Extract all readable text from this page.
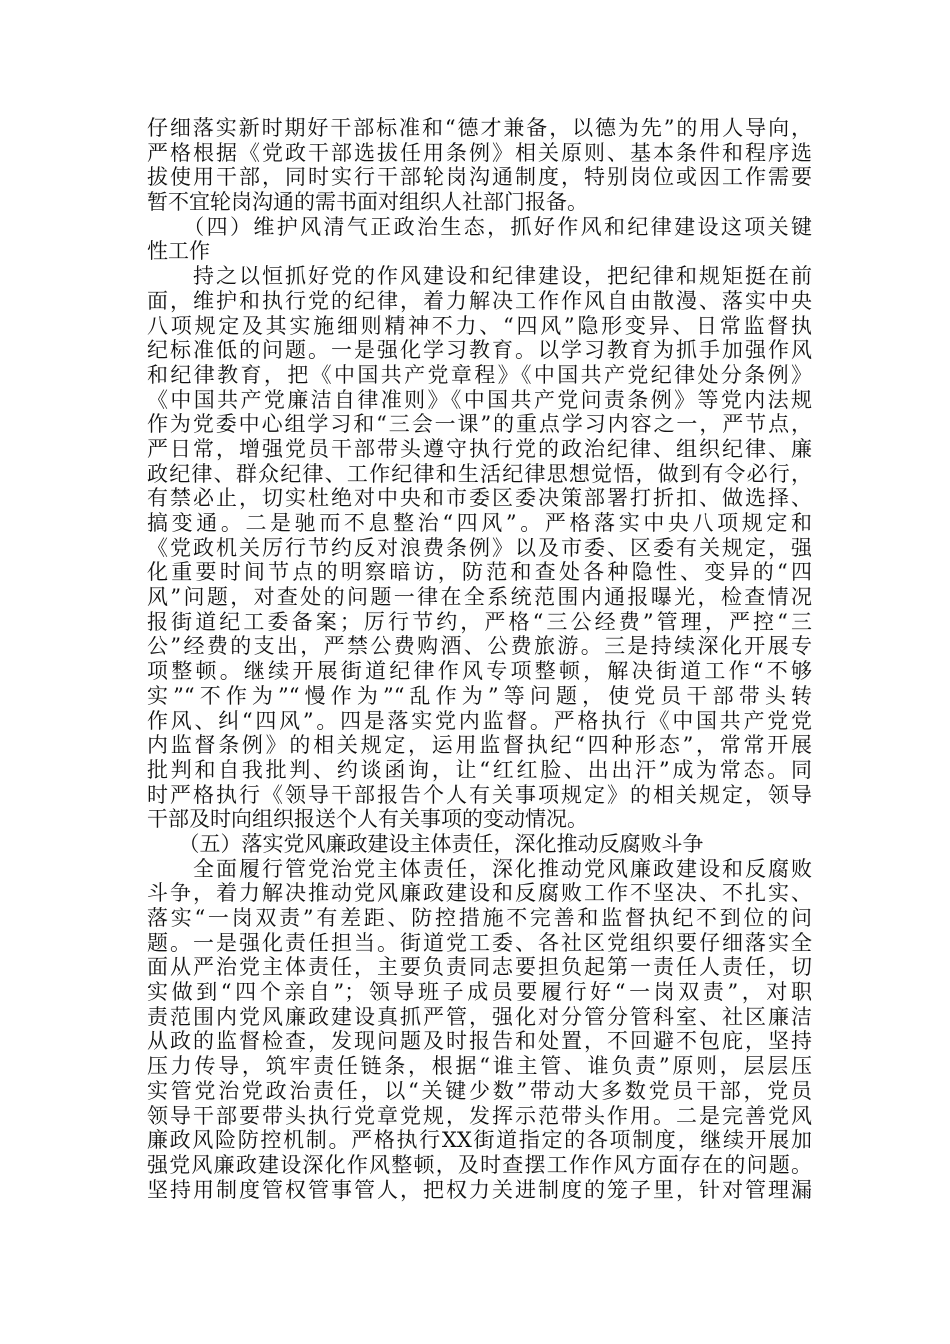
仔细落实新时期好干部标准和“德才兼备，以德为先”的用人导向，
严格根据《党政干部选拔任用条例》相关原则、基本条件和程序选
拔使用干部，同时实行干部轮岗沟通制度，特别岗位或因工作需要
暂不宜轮岗沟通的需书面对组织人社部门报备。
　　（四）维护风清气正政治生态，抓好作风和纪律建设这项关键
性工作
　　持之以恒抓好党的作风建设和纪律建设，把纪律和规矩挺在前
面，维护和执行党的纪律，着力解决工作作风自由散漫、落实中央
八项规定及其实施细则精神不力、“四风”隐形变异、日常监督执
纪标准低的问题。一是强化学习教育。以学习教育为抓手加强作风
和纪律教育，把《中国共产党章程》《中国共产党纪律处分条例》
《中国共产党廉洁自律准则》《中国共产党问责条例》等党内法规
作为党委中心组学习和“三会一课”的重点学习内容之一，严节点，
严日常，增强党员干部带头遵守执行党的政治纪律、组织纪律、廉
政纪律、群众纪律、工作纪律和生活纪律思想觉悟，做到有令必行，
有禁必止，切实杜绝对中央和市委区委决策部署打折扣、做选择、
搞变通。二是驰而不息整治“四风”。严格落实中央八项规定和
《党政机关厉行节约反对浪费条例》以及市委、区委有关规定，强
化重要时间节点的明察暗访，防范和查处各种隐性、变异的“四
风”问题，对查处的问题一律在全系统范围内通报曝光，检查情况
报街道纪工委备案；厉行节约，严格“三公经费”管理，严控“三
公”经费的支出，严禁公费购酒、公费旅游。三是持续深化开展专
项整顿。继续开展街道纪律作风专项整顿，解决街道工作“不够
实”“不作为”“慢作为”“乱作为”等问题，使党员干部带头转
作风、纠“四风”。四是落实党内监督。严格执行《中国共产党党
内监督条例》的相关规定，运用监督执纪“四种形态”，常常开展
批判和自我批判、约谈函询，让“红红脸、出出汗”成为常态。同
时严格执行《领导干部报告个人有关事项规定》的相关规定，领导
干部及时向组织报送个人有关事项的变动情况。
　　（五）落实党风廉政建设主体责任，深化推动反腐败斗争
　　全面履行管党治党主体责任，深化推动党风廉政建设和反腐败
斗争，着力解决推动党风廉政建设和反腐败工作不坚决、不扎实、
落实“一岗双责”有差距、防控措施不完善和监督执纪不到位的问
题。一是强化责任担当。街道党工委、各社区党组织要仔细落实全
面从严治党主体责任，主要负责同志要担负起第一责任人责任，切
实做到“四个亲自”；领导班子成员要履行好“一岗双责”，对职
责范围内党风廉政建设真抓严管，强化对分管分管科室、社区廉洁
从政的监督检查，发现问题及时报告和处置，不回避不包庇，坚持
压力传导，筑牢责任链条，根据“谁主管、谁负责”原则，层层压
实管党治党政治责任，以“关键少数”带动大多数党员干部，党员
领导干部要带头执行党章党规，发挥示范带头作用。二是完善党风
廉政风险防控机制。严格执行XX街道指定的各项制度，继续开展加
强党风廉政建设深化作风整顿，及时查摆工作作风方面存在的问题。
坚持用制度管权管事管人，把权力关进制度的笼子里，针对管理漏
